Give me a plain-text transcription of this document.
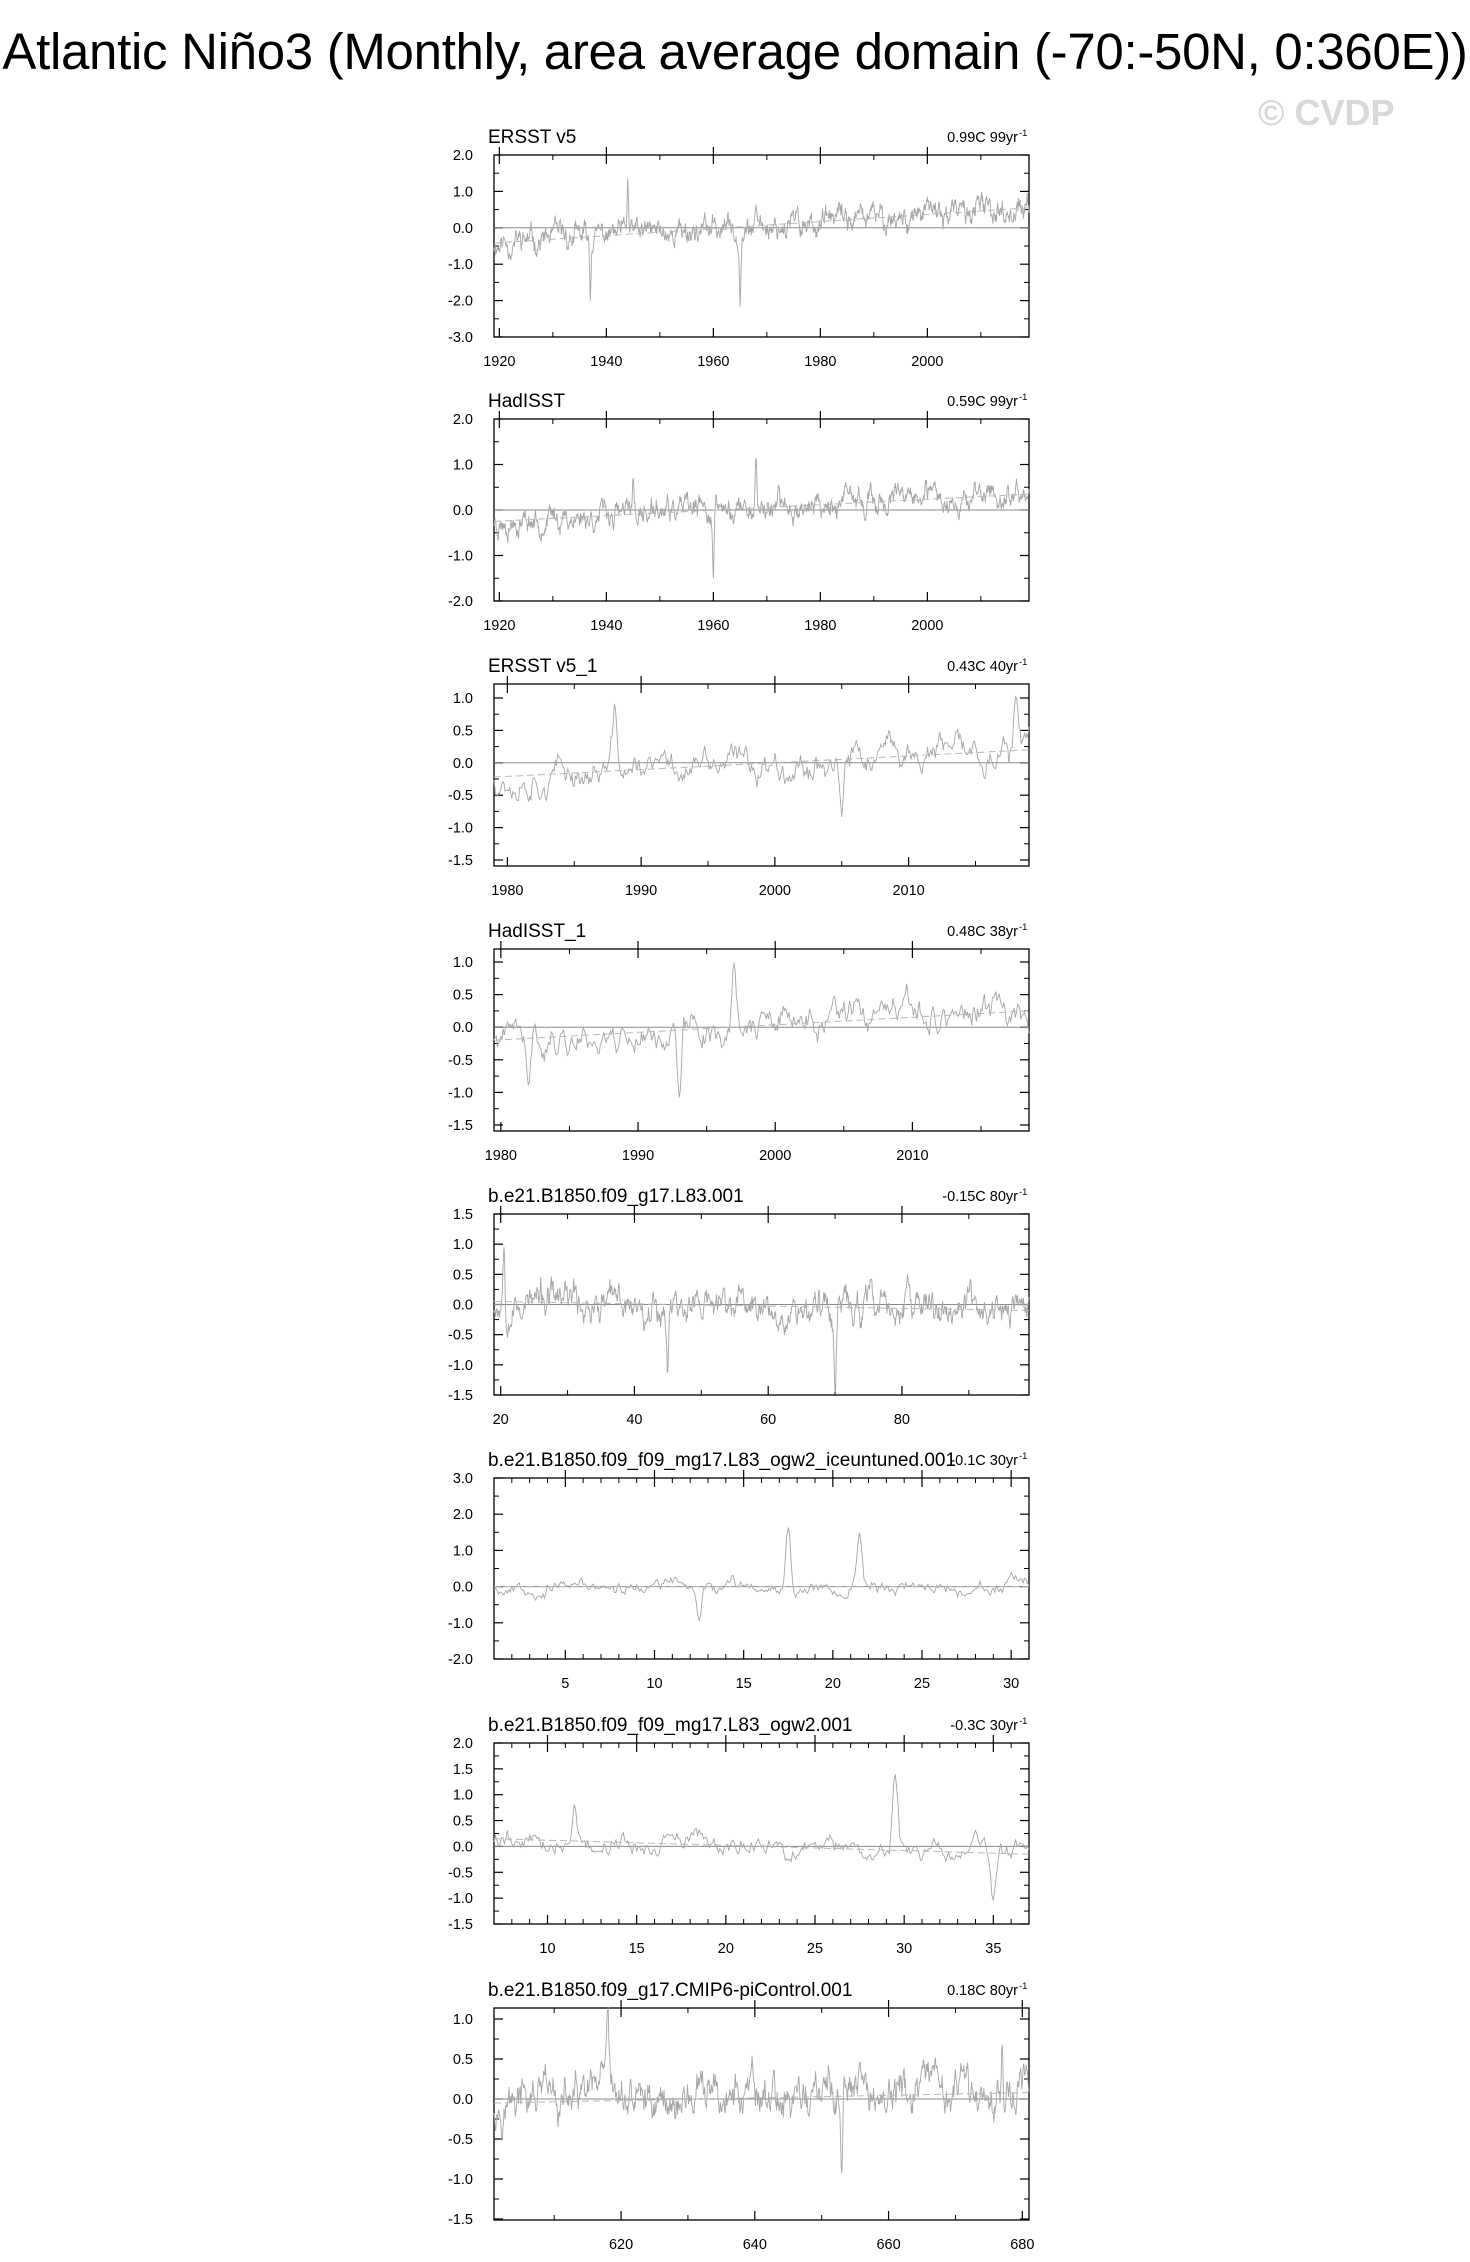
Atlantic Niño3 (Monthly, area average domain (-70:-50N, 0:360E))
© CVDP
ERSST v5	0.99C 99yr -1
2.0
1.0
0.0
-1.0
-2.0
-3.0
1920	1940	1960	1980	2000
HadISST	0.59C 99yr -1
2.0
1.0
0.0
-1.0
-2.0
1920	1940	1960	1980	2000
ERSST v5_1	0.43C 40yr -1
1.0
0.5
0.0
-0.5
-1.0
-1.5
1980	1990	2000	2010
HadISST_1	0.48C 38yr -1
1.0
0.5
0.0
-0.5
-1.0
-1.5
1980	1990	2000	2010
b.e21.B1850.f09_g17.L83.001	-0.15C 80yr -1
1.5
1.0
0.5
0.0
-0.5
-1.0
-1.5
20	40	60	80
b.e21.B1850.f09_f09_mg17.L83_ogw2_iceuntuned.001
-0.1C 30yr -1
3.0
2.0
1.0
0.0
-1.0
-2.0
5	10	15	20	25	30
b.e21.B1850.f09_f09_mg17.L83_ogw2.001	-0.3C 30yr -1
2.0
1.5
1.0
0.5
0.0
-0.5
-1.0
-1.5
10	15	20	25	30	35
b.e21.B1850.f09_g17.CMIP6-piControl.001	0.18C 80yr -1
1.0
0.5
0.0
-0.5
-1.0
-1.5
620	640	660	680
